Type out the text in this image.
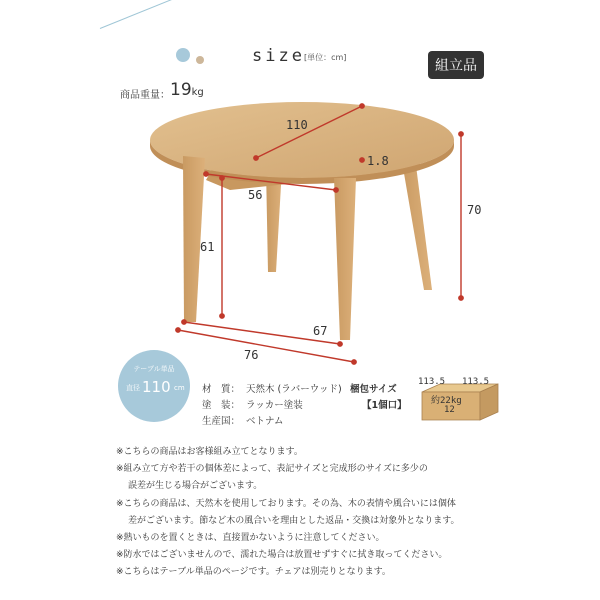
size [単位：cm]
組立品
商品重量： 19kg
110
1.8
70
56
61
67
76
テーブル単品
直径 110 cm 材　質： 天然木 (ラバーウッド)
塗　装： ラッカー塗装
生産国： ベトナム
梱包サイズ
【1個口】
113.5 113.5
約22kg
12
※こちらの商品はお客様組み立てとなります。
※組み立て方や若干の個体差によって、表記サイズと完成形のサイズに多少の
誤差が生じる場合がございます。
※こちらの商品は、天然木を使用しております。その為、木の表情や風合いには個体
差がございます。節など木の風合いを理由とした返品・交換は対象外となります。
※熱いものを置くときは、直接置かないように注意してください。
※防水ではございませんので、濡れた場合は放置せずすぐに拭き取ってください。
※こちらはテーブル単品のページです。チェアは別売りとなります。
